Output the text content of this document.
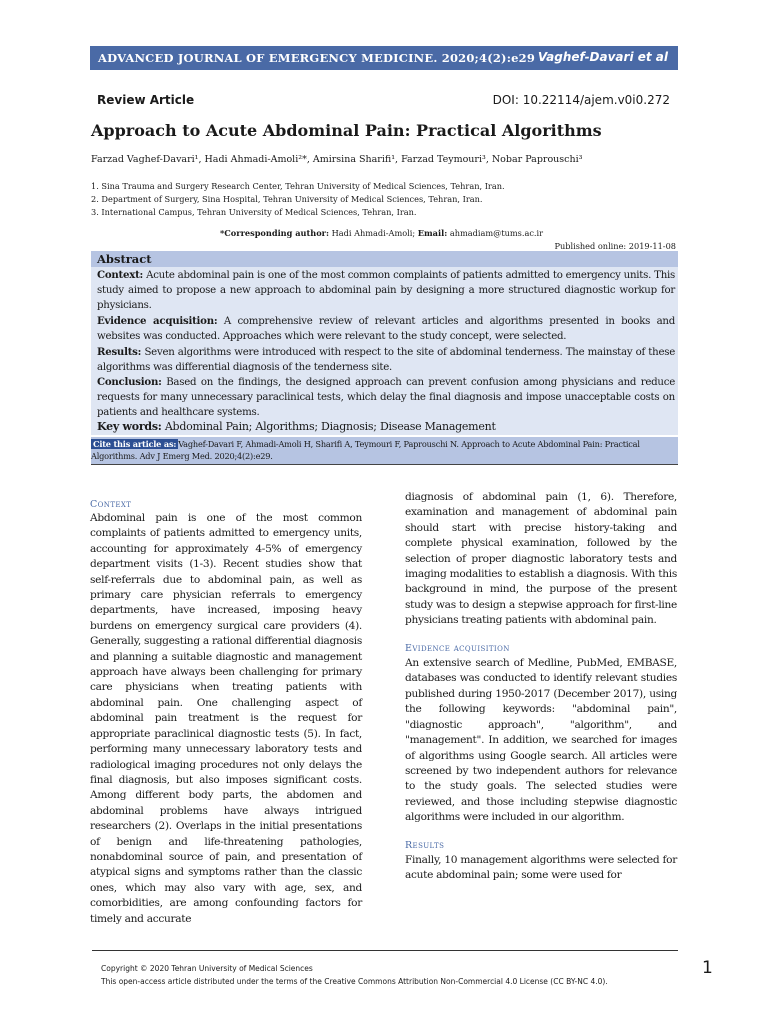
ADVANCED JOURNAL OF EMERGENCY MEDICINE. 2020;4(2):e29 Vaghef-Davari et al
Review Article	DOI: 10.22114/ajem.v0i0.272
Approach to Acute Abdominal Pain: Practical Algorithms
Farzad Vaghef-Davari¹, Hadi Ahmadi-Amoli²*, Amirsina Sharifi¹, Farzad Teymouri³, Nobar Paprouschi³
1. Sina Trauma and Surgery Research Center, Tehran University of Medical Sciences, Tehran, Iran.
2. Department of Surgery, Sina Hospital, Tehran University of Medical Sciences, Tehran, Iran.
3. International Campus, Tehran University of Medical Sciences, Tehran, Iran.
*Corresponding author: Hadi Ahmadi-Amoli; Email: ahmadiam@tums.ac.ir
Published online: 2019-11-08
Abstract
Context: Acute abdominal pain is one of the most common complaints of patients admitted to emergency units. This study aimed to propose a new approach to abdominal pain by designing a more structured diagnostic workup for physicians.
Evidence acquisition: A comprehensive review of relevant articles and algorithms presented in books and websites was conducted. Approaches which were relevant to the study concept, were selected.
Results: Seven algorithms were introduced with respect to the site of abdominal tenderness. The mainstay of these algorithms was differential diagnosis of the tenderness site.
Conclusion: Based on the findings, the designed approach can prevent confusion among physicians and reduce requests for many unnecessary paraclinical tests, which delay the final diagnosis and impose unacceptable costs on patients and healthcare systems.
Key words: Abdominal Pain; Algorithms; Diagnosis; Disease Management
Cite this article as: Vaghef-Davari F, Ahmadi-Amoli H, Sharifi A, Teymouri F, Paprouschi N. Approach to Acute Abdominal Pain: Practical Algorithms. Adv J Emerg Med. 2020;4(2):e29.
Context
Abdominal pain is one of the most common complaints of patients admitted to emergency units, accounting for approximately 4-5% of emergency department visits (1-3). Recent studies show that self-referrals due to abdominal pain, as well as primary care physician referrals to emergency departments, have increased, imposing heavy burdens on emergency surgical care providers (4). Generally, suggesting a rational differential diagnosis and planning a suitable diagnostic and management approach have always been challenging for primary care physicians when treating patients with abdominal pain. One challenging aspect of abdominal pain treatment is the request for appropriate paraclinical diagnostic tests (5). In fact, performing many unnecessary laboratory tests and radiological imaging procedures not only delays the final diagnosis, but also imposes significant costs. Among different body parts, the abdomen and abdominal problems have always intrigued researchers (2). Overlaps in the initial presentations of benign and life-threatening pathologies, nonabdominal source of pain, and presentation of atypical signs and symptoms rather than the classic ones, which may also vary with age, sex, and comorbidities, are among confounding factors for timely and accurate
diagnosis of abdominal pain (1, 6). Therefore, examination and management of abdominal pain should start with precise history-taking and complete physical examination, followed by the selection of proper diagnostic laboratory tests and imaging modalities to establish a diagnosis. With this background in mind, the purpose of the present study was to design a stepwise approach for first-line physicians treating patients with abdominal pain.
Evidence acquisition
An extensive search of Medline, PubMed, EMBASE, databases was conducted to identify relevant studies published during 1950-2017 (December 2017), using the following keywords: "abdominal pain", "diagnostic approach", "algorithm", and "management". In addition, we searched for images of algorithms using Google search. All articles were screened by two independent authors for relevance to the study goals. The selected studies were reviewed, and those including stepwise diagnostic algorithms were included in our algorithm.
Results
Finally, 10 management algorithms were selected for acute abdominal pain; some were used for
Copyright © 2020 Tehran University of Medical Sciences
This open-access article distributed under the terms of the Creative Commons Attribution Non-Commercial 4.0 License (CC BY-NC 4.0).
1
